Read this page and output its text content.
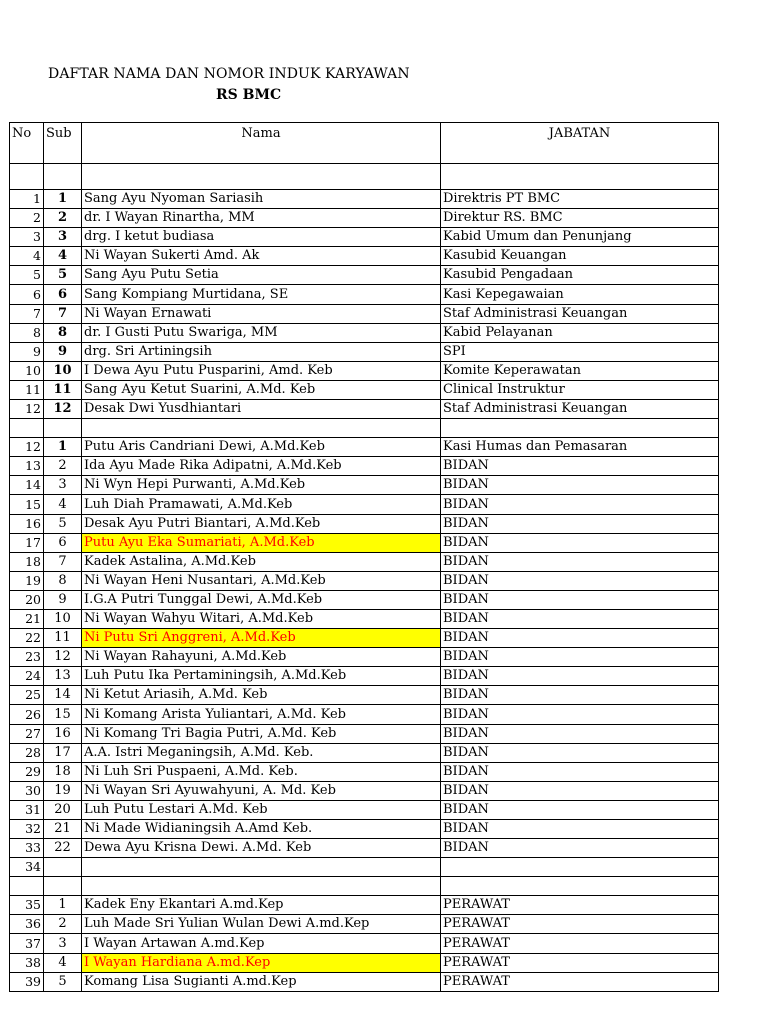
DAFTAR NAMA DAN NOMOR INDUK KARYAWAN
RS BMC
No	Sub	Nama	JABATAN

1	1	Sang Ayu Nyoman Sariasih	Direktris PT BMC
2	2	dr. I Wayan Rinartha, MM	Direktur RS. BMC
3	3	drg. I ketut budiasa	Kabid Umum dan Penunjang
4	4	Ni Wayan Sukerti Amd. Ak	Kasubid Keuangan
5	5	Sang Ayu Putu Setia	Kasubid Pengadaan
6	6	Sang Kompiang Murtidana, SE	Kasi Kepegawaian
7	7	Ni Wayan Ernawati	Staf Administrasi Keuangan
8	8	dr. I Gusti Putu Swariga, MM	Kabid Pelayanan
9	9	drg. Sri Artiningsih	SPI
10	10	I Dewa Ayu Putu Pusparini, Amd. Keb	Komite Keperawatan
11	11	Sang Ayu Ketut Suarini, A.Md. Keb	Clinical Instruktur
12	12	Desak Dwi Yusdhiantari	Staf Administrasi Keuangan

12	1	Putu Aris Candriani Dewi, A.Md.Keb	Kasi Humas dan Pemasaran
13	2	Ida Ayu Made Rika Adipatni, A.Md.Keb	BIDAN
14	3	Ni Wyn Hepi Purwanti, A.Md.Keb	BIDAN
15	4	Luh Diah Pramawati, A.Md.Keb	BIDAN
16	5	Desak Ayu Putri Biantari, A.Md.Keb	BIDAN
17	6	Putu Ayu Eka Sumariati, A.Md.Keb	BIDAN
18	7	Kadek Astalina, A.Md.Keb	BIDAN
19	8	Ni Wayan Heni Nusantari, A.Md.Keb	BIDAN
20	9	I.G.A Putri Tunggal Dewi, A.Md.Keb	BIDAN
21	10	Ni Wayan Wahyu Witari, A.Md.Keb	BIDAN
22	11	Ni Putu Sri Anggreni, A.Md.Keb	BIDAN
23	12	Ni Wayan Rahayuni, A.Md.Keb	BIDAN
24	13	Luh Putu Ika Pertaminingsih, A.Md.Keb	BIDAN
25	14	Ni Ketut Ariasih, A.Md. Keb	BIDAN
26	15	Ni Komang Arista Yuliantari, A.Md. Keb	BIDAN
27	16	Ni Komang Tri Bagia Putri, A.Md. Keb	BIDAN
28	17	A.A. Istri Meganingsih, A.Md. Keb.	BIDAN
29	18	Ni Luh Sri Puspaeni, A.Md. Keb.	BIDAN
30	19	Ni Wayan Sri Ayuwahyuni, A. Md. Keb	BIDAN
31	20	Luh Putu Lestari A.Md. Keb	BIDAN
32	21	Ni Made Widianingsih A.Amd Keb.	BIDAN
33	22	Dewa Ayu Krisna Dewi. A.Md. Keb	BIDAN
34			

35	1	Kadek Eny Ekantari A.md.Kep	PERAWAT
36	2	Luh Made Sri Yulian Wulan Dewi A.md.Kep	PERAWAT
37	3	I Wayan Artawan A.md.Kep	PERAWAT
38	4	I Wayan Hardiana A.md.Kep	PERAWAT
39	5	Komang Lisa Sugianti A.md.Kep	PERAWAT
